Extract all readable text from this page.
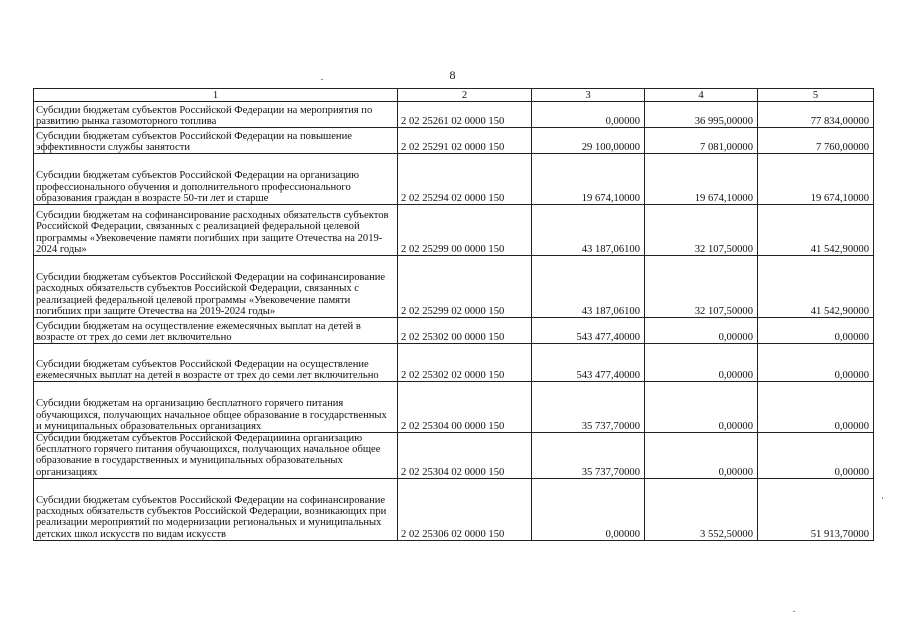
8
1	2	3	4	5
Субсидии бюджетам субъектов Российской Федерации на мероприятия по развитию рынка газомоторного топлива	2 02 25261 02 0000 150	0,00000	36 995,00000	77 834,00000
Субсидии бюджетам субъектов Российской Федерации на повышение эффективности службы занятости	2 02 25291 02 0000 150	29 100,00000	7 081,00000	7 760,00000
Субсидии бюджетам субъектов Российской Федерации на организацию профессионального обучения и дополнительного профессионального образования граждан в возрасте 50-ти лет и старше	2 02 25294 02 0000 150	19 674,10000	19 674,10000	19 674,10000
Субсидии бюджетам на софинансирование расходных обязательств субъектов Российской Федерации, связанных с реализацией федеральной целевой программы «Увековечение памяти погибших при защите Отечества на 2019-2024 годы»	2 02 25299 00 0000 150	43 187,06100	32 107,50000	41 542,90000
Субсидии бюджетам субъектов Российской Федерации на софинансирование расходных обязательств субъектов Российской Федерации, связанных с реализацией федеральной целевой программы «Увековечение памяти погибших при защите Отечества на 2019-2024 годы»	2 02 25299 02 0000 150	43 187,06100	32 107,50000	41 542,90000
Субсидии бюджетам на осуществление ежемесячных выплат на детей в возрасте от трех до семи лет включительно	2 02 25302 00 0000 150	543 477,40000	0,00000	0,00000
Субсидии бюджетам субъектов Российской Федерации на осуществление ежемесячных выплат на детей в возрасте от трех до семи лет включительно	2 02 25302 02 0000 150	543 477,40000	0,00000	0,00000
Субсидии бюджетам на организацию бесплатного горячего питания обучающихся, получающих начальное общее образование в государственных и муниципальных образовательных организациях	2 02 25304 00 0000 150	35 737,70000	0,00000	0,00000
Субсидии бюджетам субъектов Российской Федерацииина организацию бесплатного горячего питания обучающихся, получающих начальное общее образование в государственных и муниципальных образовательных организациях	2 02 25304 02 0000 150	35 737,70000	0,00000	0,00000
Субсидии бюджетам субъектов Российской Федерации на софинансирование расходных обязательств субъектов Российской Федерации, возникающих при реализации мероприятий по модернизации региональных и муниципальных детских школ искусств по видам искусств	2 02 25306 02 0000 150	0,00000	3 552,50000	51 913,70000
